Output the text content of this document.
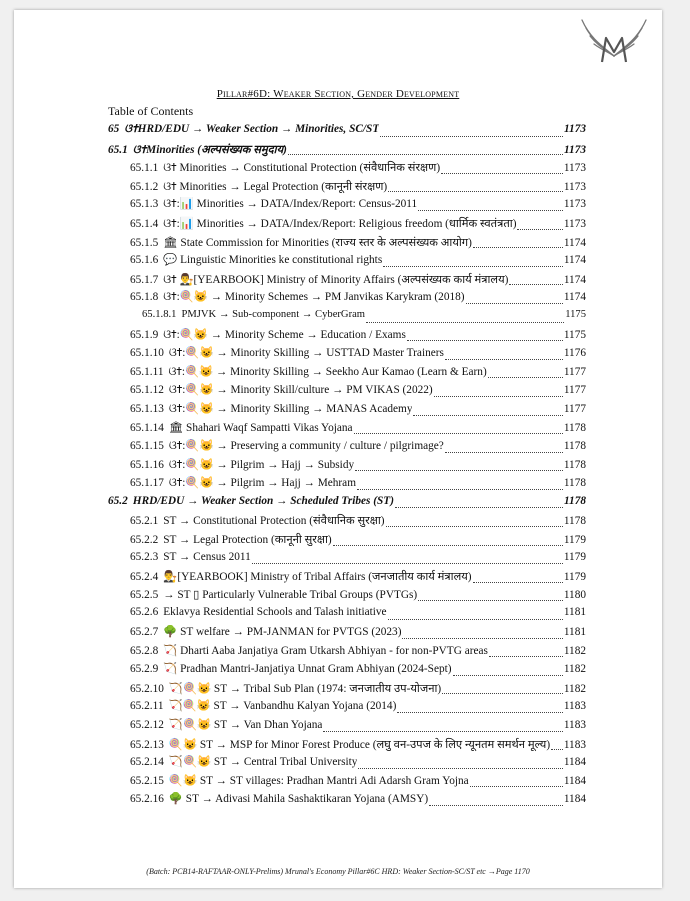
Pillar#6D: Weaker Section, Gender Development
Table of Contents
65 ଓ✝HRD/EDU → Weaker Section → Minorities, SC/ST	1173
65.1 ଓ✝Minorities (अल्पसंख्यक समुदाय)	1173
65.1.1 ଓ✝ Minorities → Constitutional Protection (संवैधानिक संरक्षण)	1173
65.1.2 ଓ✝ Minorities → Legal Protection (कानूनी संरक्षण)	1173
65.1.3 ଓ✝:📊 Minorities → DATA/Index/Report: Census-2011	1173
65.1.4 ଓ✝:📊 Minorities → DATA/Index/Report: Religious freedom (धार्मिक स्वतंत्रता)	1173
65.1.5 🏛 State Commission for Minorities (राज्य स्तर के अल्पसंख्यक आयोग)	1174
65.1.6 💬 Linguistic Minorities ke constitutional rights	1174
65.1.7 ଓ✝ 👨‍⚖️[YEARBOOK] Ministry of Minority Affairs (अल्पसंख्यक कार्य मंत्रालय)	1174
65.1.8 ଓ✝:🍭😺 → Minority Schemes → PM Janvikas Karykram (2018)	1174
65.1.8.1 PMJVK → Sub-component → CyberGram	1175
65.1.9 ଓ✝:🍭😺 → Minority Scheme → Education / Exams	1175
65.1.10 ଓ✝:🍭😺 → Minority Skilling → USTTAD Master Trainers	1176
65.1.11 ଓ✝:🍭😺 → Minority Skilling → Seekho Aur Kamao (Learn & Earn)	1177
65.1.12 ଓ✝:🍭😺 → Minority Skill/culture → PM VIKAS (2022)	1177
65.1.13 ଓ✝:🍭😺 → Minority Skilling → MANAS Academy	1177
65.1.14 🏛 Shahari Waqf Sampatti Vikas Yojana	1178
65.1.15 ଓ✝:🍭😺 → Preserving a community / culture / pilgrimage?	1178
65.1.16 ଓ✝:🍭😺 → Pilgrim → Hajj → Subsidy	1178
65.1.17 ଓ✝:🍭😺 → Pilgrim → Hajj → Mehram	1178
65.2 HRD/EDU → Weaker Section → Scheduled Tribes (ST)	1178
65.2.1 ST → Constitutional Protection (संवैधानिक सुरक्षा)	1178
65.2.2 ST → Legal Protection (कानूनी सुरक्षा)	1179
65.2.3 ST → Census 2011	1179
65.2.4 👨‍⚖️[YEARBOOK] Ministry of Tribal Affairs (जनजातीय कार्य मंत्रालय)	1179
65.2.5 → ST ▯ Particularly Vulnerable Tribal Groups (PVTGs)	1180
65.2.6 Eklavya Residential Schools and Talash initiative	1181
65.2.7 🌳 ST welfare → PM-JANMAN for PVTGS (2023)	1181
65.2.8 🏹 Dharti Aaba Janjatiya Gram Utkarsh Abhiyan - for non-PVTG areas	1182
65.2.9 🏹 Pradhan Mantri-Janjatiya Unnat Gram Abhiyan (2024-Sept)	1182
65.2.10 🏹🍭😺 ST → Tribal Sub Plan (1974: जनजातीय उप-योजना)	1182
65.2.11 🏹🍭😺 ST → Vanbandhu Kalyan Yojana (2014)	1183
65.2.12 🏹🍭😺 ST → Van Dhan Yojana	1183
65.2.13 🍭😺 ST → MSP for Minor Forest Produce (लघु वन-उपज के लिए न्यूनतम समर्थन मूल्य) 1183
65.2.14 🏹🍭😺 ST → Central Tribal University	1184
65.2.15 🍭😺 ST → ST villages: Pradhan Mantri Adi Adarsh Gram Yojna	1184
65.2.16 🌳 ST → Adivasi Mahila Sashaktikaran Yojana (AMSY)	1184
(Batch: PCB14-RAFTAAR-ONLY-Prelims) Mrunal's Economy Pillar#6C HRD: Weaker Section-SC/ST etc →Page 1170
